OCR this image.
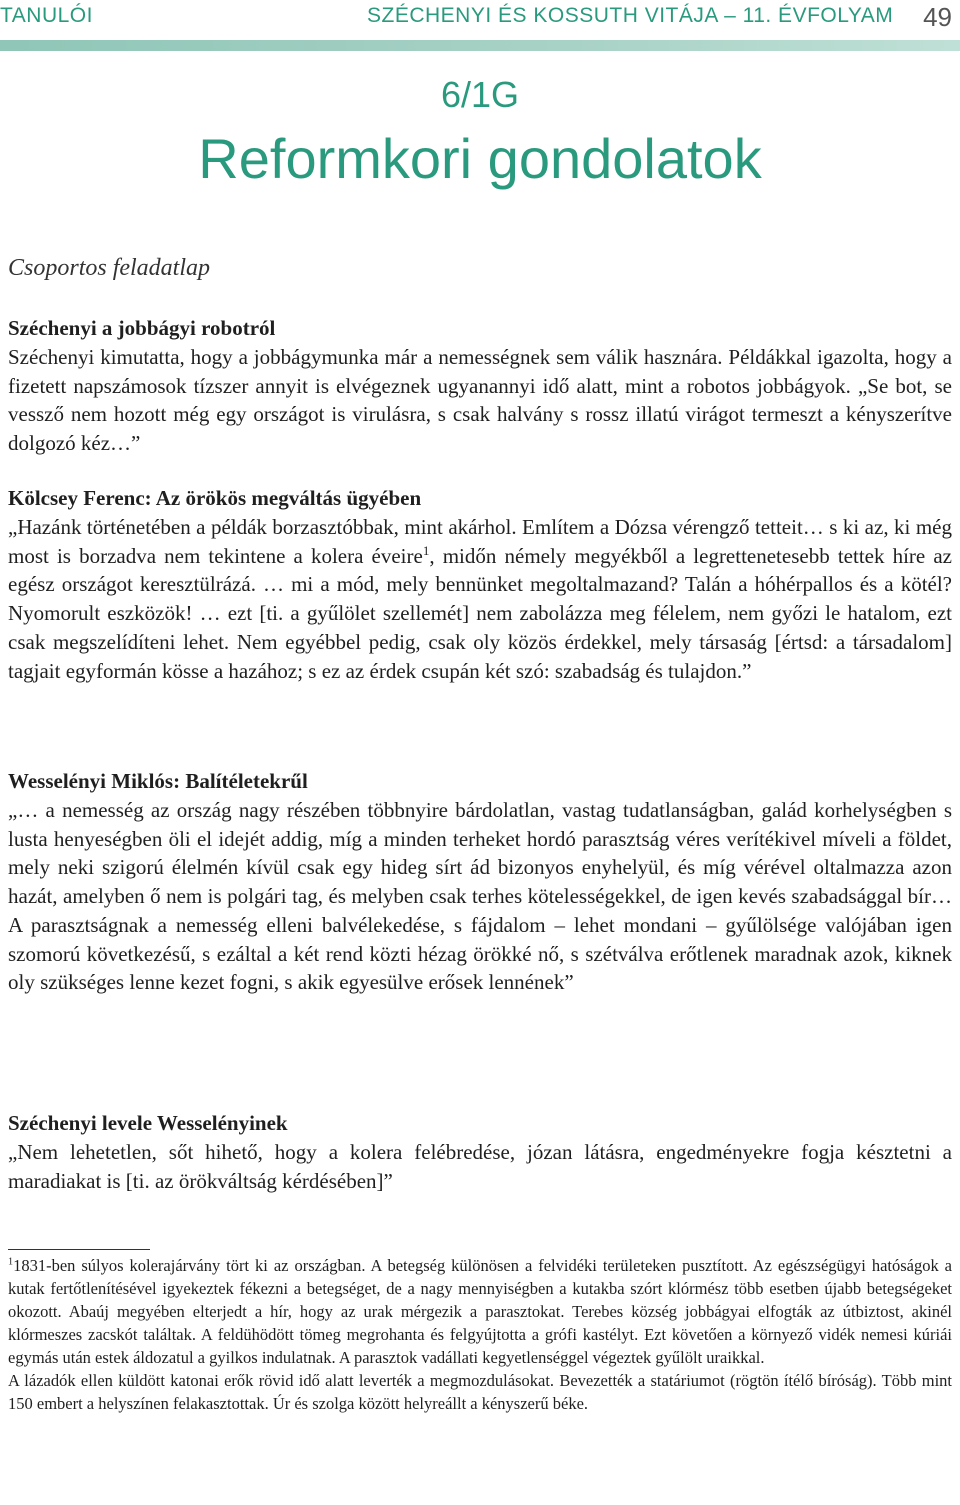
TANULÓI	SZÉCHENYI ÉS KOSSUTH VITÁJA – 11. ÉVFOLYAM 49
6/1G
Reformkori gondolatok
Csoportos feladatlap

Széchenyi a jobbágyi robotról

Széchenyi kimutatta, hogy a jobbágymunka már a nemességnek sem válik hasznára. Példákkal igazolta, hogy a fizetett napszámosok tízszer annyit is elvégeznek ugyanannyi idő alatt, mint a robotos jobbágyok. „Se bot, se vessző nem hozott még egy országot is virulásra, s csak halvány s rossz illatú virágot termeszt a kényszerítve dolgozó kéz…”

Kölcsey Ferenc: Az örökös megváltás ügyében

„Hazánk történetében a példák borzasztóbbak, mint akárhol. Említem a Dózsa vérengző tetteit… s ki az, ki még most is borzadva nem tekintene a kolera éveire$^1$, midőn némely megyékből a legrettenetesebb tettek híre az egész országot keresztülrázá. … mi a mód, mely bennünket megoltalmazand? Talán a hóhérpallos és a kötél? Nyomorult eszközök! … ezt [ti. a gyűlölet szellemét] nem zabolázza meg félelem, nem győzi le hatalom, ezt csak megszelídíteni lehet. Nem egyébbel pedig, csak oly közös érdekkel, mely társaság [értsd: a társadalom] tagjait egyformán kösse a hazához; s ez az érdek csupán két szó: szabadság és tulajdon.”

Wesselényi Miklós: Balítéletekrűl

„… a nemesség az ország nagy részében többnyire bárdolatlan, vastag tudatlanságban, galád korhelységben s lusta henyeségben öli el idejét addig, míg a minden terheket hordó parasztság véres verítékivel míveli a földet, mely neki szigorú élelmén kívül csak egy hideg sírt ád bizonyos enyhelyül, és míg vérével oltalmazza azon hazát, amelyben ő nem is polgári tag, és melyben csak terhes kötelességekkel, de igen kevés szabadsággal bír… A parasztságnak a nemesség elleni balvélekedése, s fájdalom – lehet mondani – gyűlölsége valójában igen szomorú következésű, s ezáltal a két rend közti hézag örökké nő, s szétválva erőtlenek maradnak azok, kiknek oly szükséges lenne kezet fogni, s akik egyesülve erősek lennének”

Széchenyi levele Wesselényinek

„Nem lehetetlen, sőt hihető, hogy a kolera felébredése, józan látásra, engedményekre fogja késztetni a maradiakat is [ti. az örökváltság kérdésében]”

$^1$1831-ben súlyos kolerajárvány tört ki az országban. A betegség különösen a felvidéki területeken pusztított. Az egészségügyi hatóságok a kutak fertőtlenítésével igyekeztek fékezni a betegséget, de a nagy mennyiségben a kutakba szórt klórmész több esetben újabb betegségeket okozott. Abaúj megyében elterjedt a hír, hogy az urak mérgezik a parasztokat. Terebes község jobbágyai elfogták az útbiztost, akinél klórmeszes zacskót találtak. A feldühödött tömeg megrohanta és felgyújtotta a grófi kastélyt. Ezt követően a környező vidék nemesi kúriái egymás után estek áldozatul a gyilkos indulatnak. A parasztok vadállati kegyetlenséggel végeztek gyűlölt uraikkal.
A lázadók ellen küldött katonai erők rövid idő alatt leverték a megmozdulásokat. Bevezették a statáriumot (rögtön ítélő bíróság). Több mint 150 embert a helyszínen felakasztottak. Úr és szolga között helyreállt a kényszerű béke.
